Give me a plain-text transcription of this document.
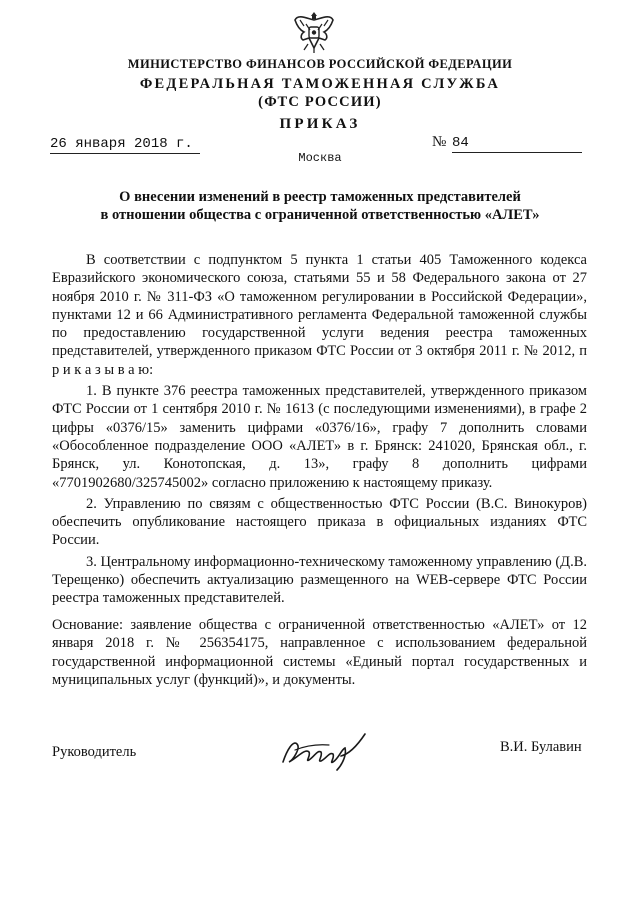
МИНИСТЕРСТВО ФИНАНСОВ РОССИЙСКОЙ ФЕДЕРАЦИИ
ФЕДЕРАЛЬНАЯ ТАМОЖЕННАЯ СЛУЖБА
(ФТС РОССИИ)
ПРИКАЗ
26 января 2018 г.	№ 84
Москва
О внесении изменений в реестр таможенных представителей
в отношении общества с ограниченной ответственностью «АЛЕТ»

В соответствии с подпунктом 5 пункта 1 статьи 405 Таможенного кодекса Евразийского экономического союза, статьями 55 и 58 Федерального закона от 27 ноября 2010 г. № 311-ФЗ «О таможенном регулировании в Российской Федерации», пунктами 12 и 66 Административного регламента Федеральной таможенной службы по предоставлению государственной услуги ведения реестра таможенных представителей, утвержденного приказом ФТС России от 3 октября 2011 г. № 2012, п р и к а з ы в а ю:

1. В пункте 376 реестра таможенных представителей, утвержденного приказом ФТС России от 1 сентября 2010 г. № 1613 (с последующими изменениями), в графе 2 цифры «0376/15» заменить цифрами «0376/16», графу 7 дополнить словами «Обособленное подразделение ООО «АЛЕТ» в г. Брянск: 241020, Брянская обл., г. Брянск, ул. Конотопская, д. 13», графу 8 дополнить цифрами «7701902680/325745002» согласно приложению к настоящему приказу.

2. Управлению по связям с общественностью ФТС России (В.С. Винокуров) обеспечить опубликование настоящего приказа в официальных изданиях ФТС России.

3. Центральному информационно-техническому таможенному управлению (Д.В. Терещенко) обеспечить актуализацию размещенного на WEB-сервере ФТС России реестра таможенных представителей.

Основание: заявление общества с ограниченной ответственностью «АЛЕТ» от 12 января 2018 г. № 256354175, направленное с использованием федеральной государственной информационной системы «Единый портал государственных и муниципальных услуг (функций)», и документы.

Руководитель	В.И. Булавин
